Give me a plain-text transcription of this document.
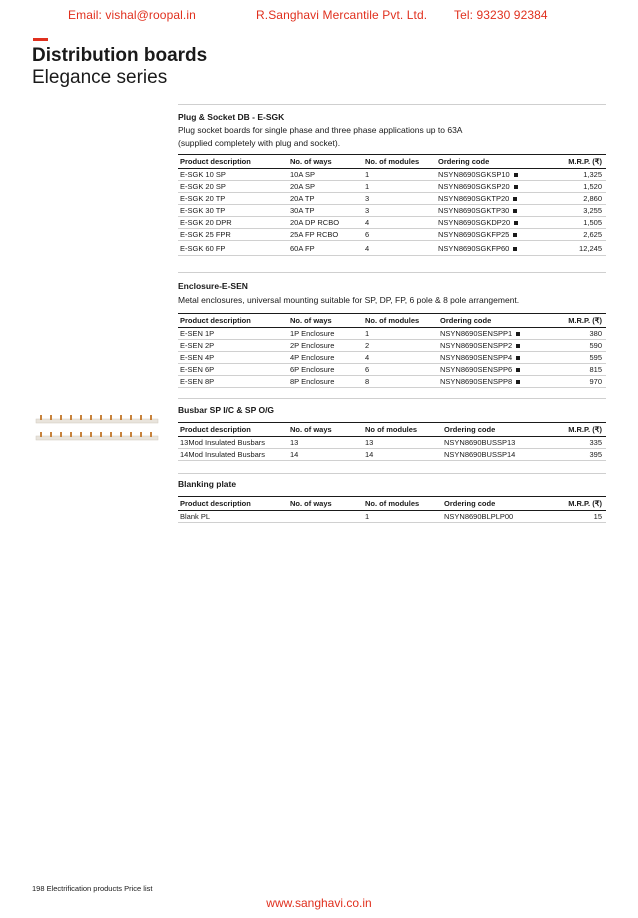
Email: vishal@roopal.in	R.Sanghavi Mercantile Pvt. Ltd. Tel: 93230 92384
Distribution boards
Elegance series
Plug & Socket DB - E-SGK
Plug socket boards for single phase and three phase applications up to 63A
(supplied completely with plug and socket).
Product description	No. of ways	No. of modules	Ordering code	M.R.P. (₹)
E-SGK 10 SP	10A SP	1	NSYN8690SGKSP10	1,325
E-SGK 20 SP	20A SP	1	NSYN8690SGKSP20	1,520
E-SGK 20 TP	20A TP	3	NSYN8690SGKTP20	2,860
E-SGK 30 TP	30A TP	3	NSYN8690SGKTP30	3,255
E-SGK 20 DPR	20A DP RCBO	4	NSYN8690SGKDP20	1,505
E-SGK 25 FPR	25A FP RCBO	6	NSYN8690SGKFP25	2,625
E-SGK 60 FP	60A FP	4	NSYN8690SGKFP60	12,245
Enclosure-E-SEN
Metal enclosures, universal mounting suitable for SP, DP, FP, 6 pole & 8 pole arrangement.
Product description	No. of ways	No. of modules	Ordering code	M.R.P. (₹)
E-SEN 1P	1P Enclosure	1	NSYN8690SENSPP1	380
E-SEN 2P	2P Enclosure	2	NSYN8690SENSPP2	590
E-SEN 4P	4P Enclosure	4	NSYN8690SENSPP4	595
E-SEN 6P	6P Enclosure	6	NSYN8690SENSPP6	815
E-SEN 8P	8P Enclosure	8	NSYN8690SENSPP8	970
Busbar SP I/C & SP O/G
Product description	No. of ways	No of modules	Ordering code	M.R.P. (₹)
13Mod Insulated Busbars	13	13	NSYN8690BUSSP13	335
14Mod Insulated Busbars	14	14	NSYN8690BUSSP14	395
Blanking plate
Product description	No. of ways	No. of modules	Ordering code	M.R.P. (₹)
Blank PL		1	NSYN8690BLPLP00	15
198 Electrification products Price list
www.sanghavi.co.in
